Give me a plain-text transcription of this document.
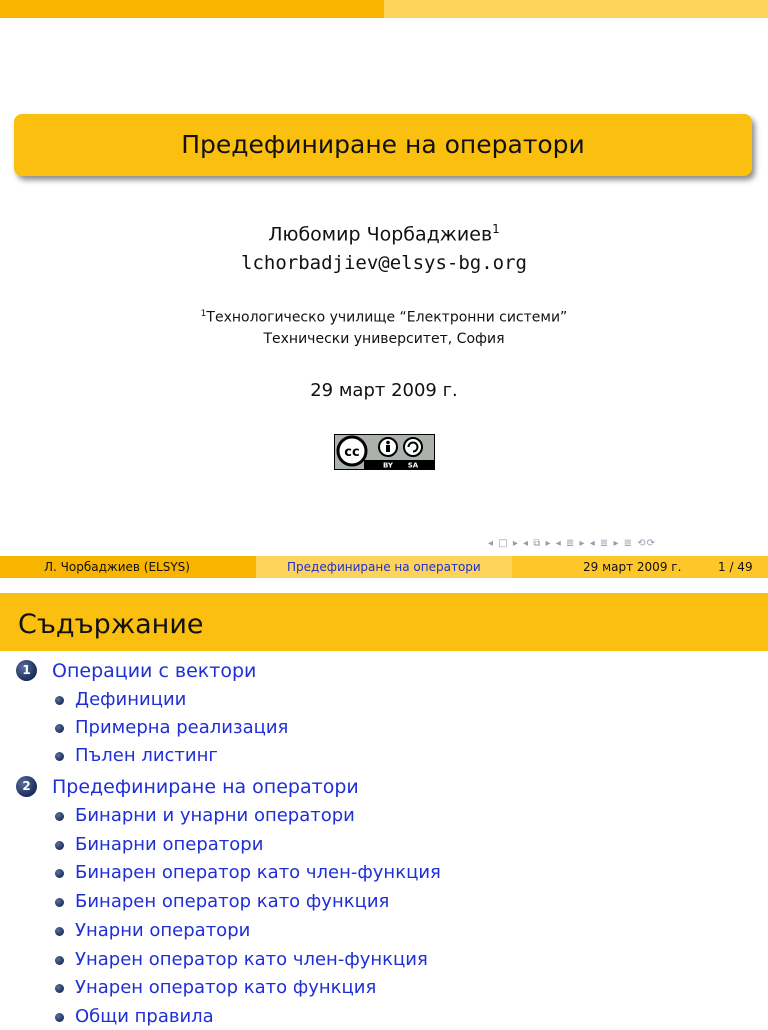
Предефиниране на оператори
Любомир Чорбаджиев$^1$
lchorbadjiev@elsys-bg.org
$^1$Технологическо училище “Електронни системи”
Технически университет, София
29 март 2009 г.
cc
BY SA
◂ □ ▸ ◂ ⧉ ▸ ◂ ≣ ▸ ◂ ≣ ▸ ≣ ⟲⟳
Л. Чорбаджиев (ELSYS)	Предефиниране на оператори	29 март 2009 г.	1 / 49
Съдържание
1	Операции с вектори
Дефиниции
Примерна реализация
Пълен листинг
2	Предефиниране на оператори
Бинарни и унарни оператори
Бинарни оператори
Бинарен оператор като член-функция
Бинарен оператор като функция
Унарни оператори
Унарен оператор като член-функция
Унарен оператор като функция
Общи правила
